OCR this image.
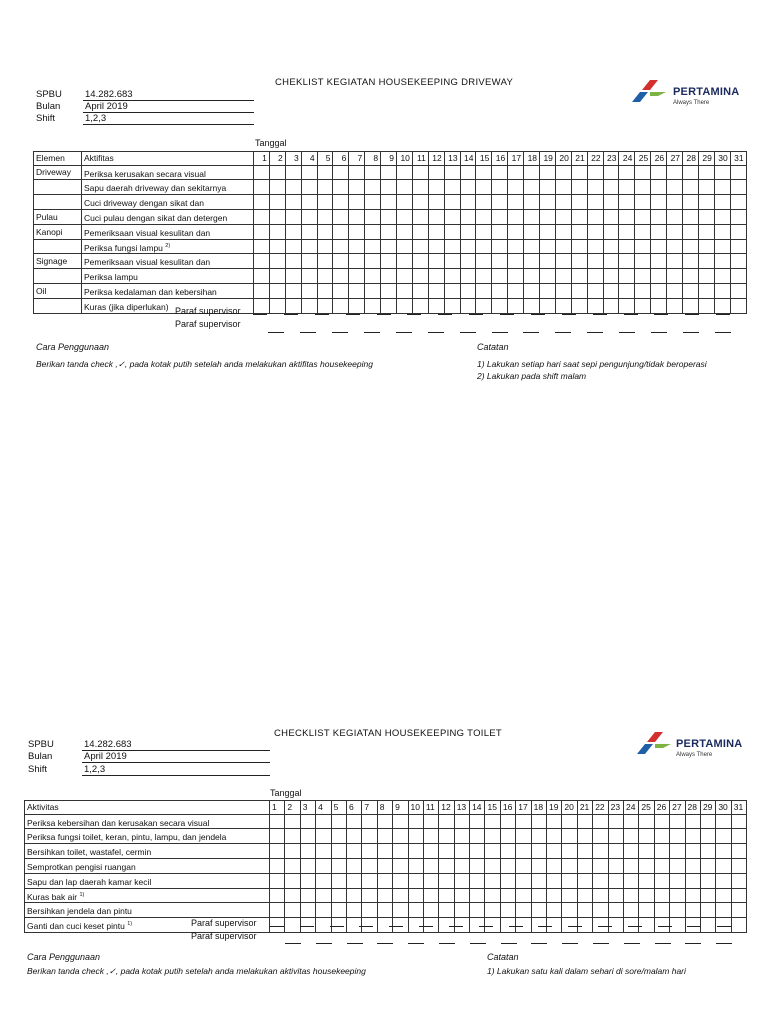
CHEKLIST KEGIATAN HOUSEKEEPING DRIVEWAY
SPBU 14.282.683
Bulan	April 2019
Shift	1,2,3
PERTAMINA
Always There
Tanggal
Elemen	Aktifitas	1	2	3	4	5	6	7	8	9	10	11	12	13	14	15	16	17	18	19	20	21	22	23	24	25	26	27	28	29	30	31
Driveway	Periksa kerusakan secara visual																															
	Sapu daerah driveway dan sekitarnya																															
	Cuci driveway dengan sikat dan																															
Pulau	Cuci pulau dengan sikat dan detergen																															
Kanopi	Pemeriksaan visual kesulitan dan																															
	Periksa fungsi lampu $^{2)}$																															
Signage	Pemeriksaan visual kesulitan dan																															
	Periksa lampu																															
Oil	Periksa kedalaman dan kebersihan																															
	Kuras (jika diperlukan)																															Paraf supervisor
Paraf supervisor
Cara Penggunaan
Berikan tanda check ,✓, pada kotak putih setelah anda melakukan aktifitas housekeeping
Catatan
1) Lakukan setiap hari saat sepi pengunjung/tidak beroperasi
2) Lakukan pada shift malam
CHECKLIST KEGIATAN HOUSEKEEPING TOILET
SPBU	14.282.683
Bulan	April 2019
Shift	1,2,3
PERTAMINA
Always There
Tanggal
Aktivitas	1	2	3	4	5	6	7	8	9	10	11	12	13	14	15	16	17	18	19	20	21	22	23	24	25	26	27	28	29	30	31
Periksa kebersihan dan kerusakan secara visual																															
Periksa fungsi toilet, keran, pintu, lampu, dan jendela																															
Bersihkan toilet, wastafel, cermin																															
Semprotkan pengisi ruangan																															
Sapu dan lap daerah kamar kecil																															
Kuras bak air $^{1)}$																															
Bersihkan jendela dan pintu																															
Ganti dan cuci keset pintu $^{1)}$																																Paraf supervisor
Paraf supervisor
Cara Penggunaan
Berikan tanda check ,✓, pada kotak putih setelah anda melakukan aktivitas housekeeping
Catatan
1) Lakukan satu kali dalam sehari di sore/malam hari
